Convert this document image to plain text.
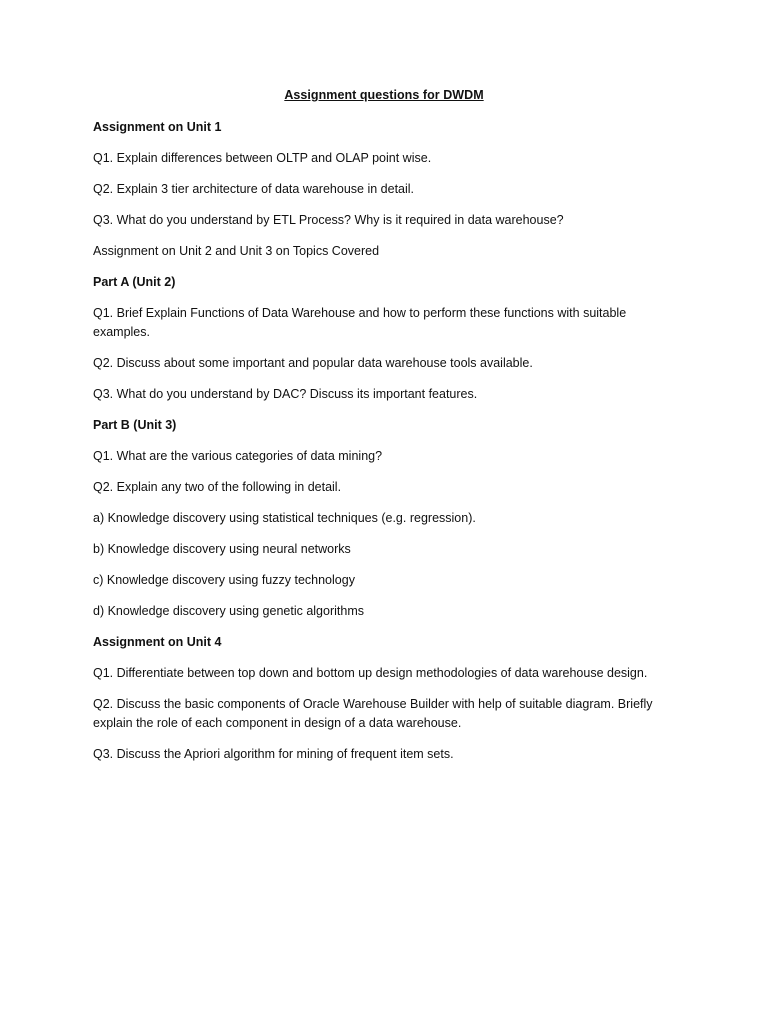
Assignment questions for DWDM
Assignment on Unit 1
Q1. Explain differences between OLTP and OLAP point wise.
Q2. Explain 3 tier architecture of data warehouse in detail.
Q3. What do you understand by ETL Process? Why is it required in data warehouse?
Assignment on Unit 2 and Unit 3 on Topics Covered
Part A (Unit 2)
Q1. Brief Explain Functions of Data Warehouse and how to perform these functions with suitable examples.
Q2. Discuss about some important and popular data warehouse tools available.
Q3. What do you understand by DAC? Discuss its important features.
Part B (Unit 3)
Q1. What are the various categories of data mining?
Q2. Explain any two of the following in detail.
a) Knowledge discovery using statistical techniques (e.g. regression).
b) Knowledge discovery using neural networks
c) Knowledge discovery using fuzzy technology
d) Knowledge discovery using genetic algorithms
Assignment on Unit 4
Q1. Differentiate between top down and bottom up design methodologies of data warehouse design.
Q2. Discuss the basic components of Oracle Warehouse Builder with help of suitable diagram. Briefly explain the role of each component in design of a data warehouse.
Q3. Discuss the Apriori algorithm for mining of frequent item sets.
